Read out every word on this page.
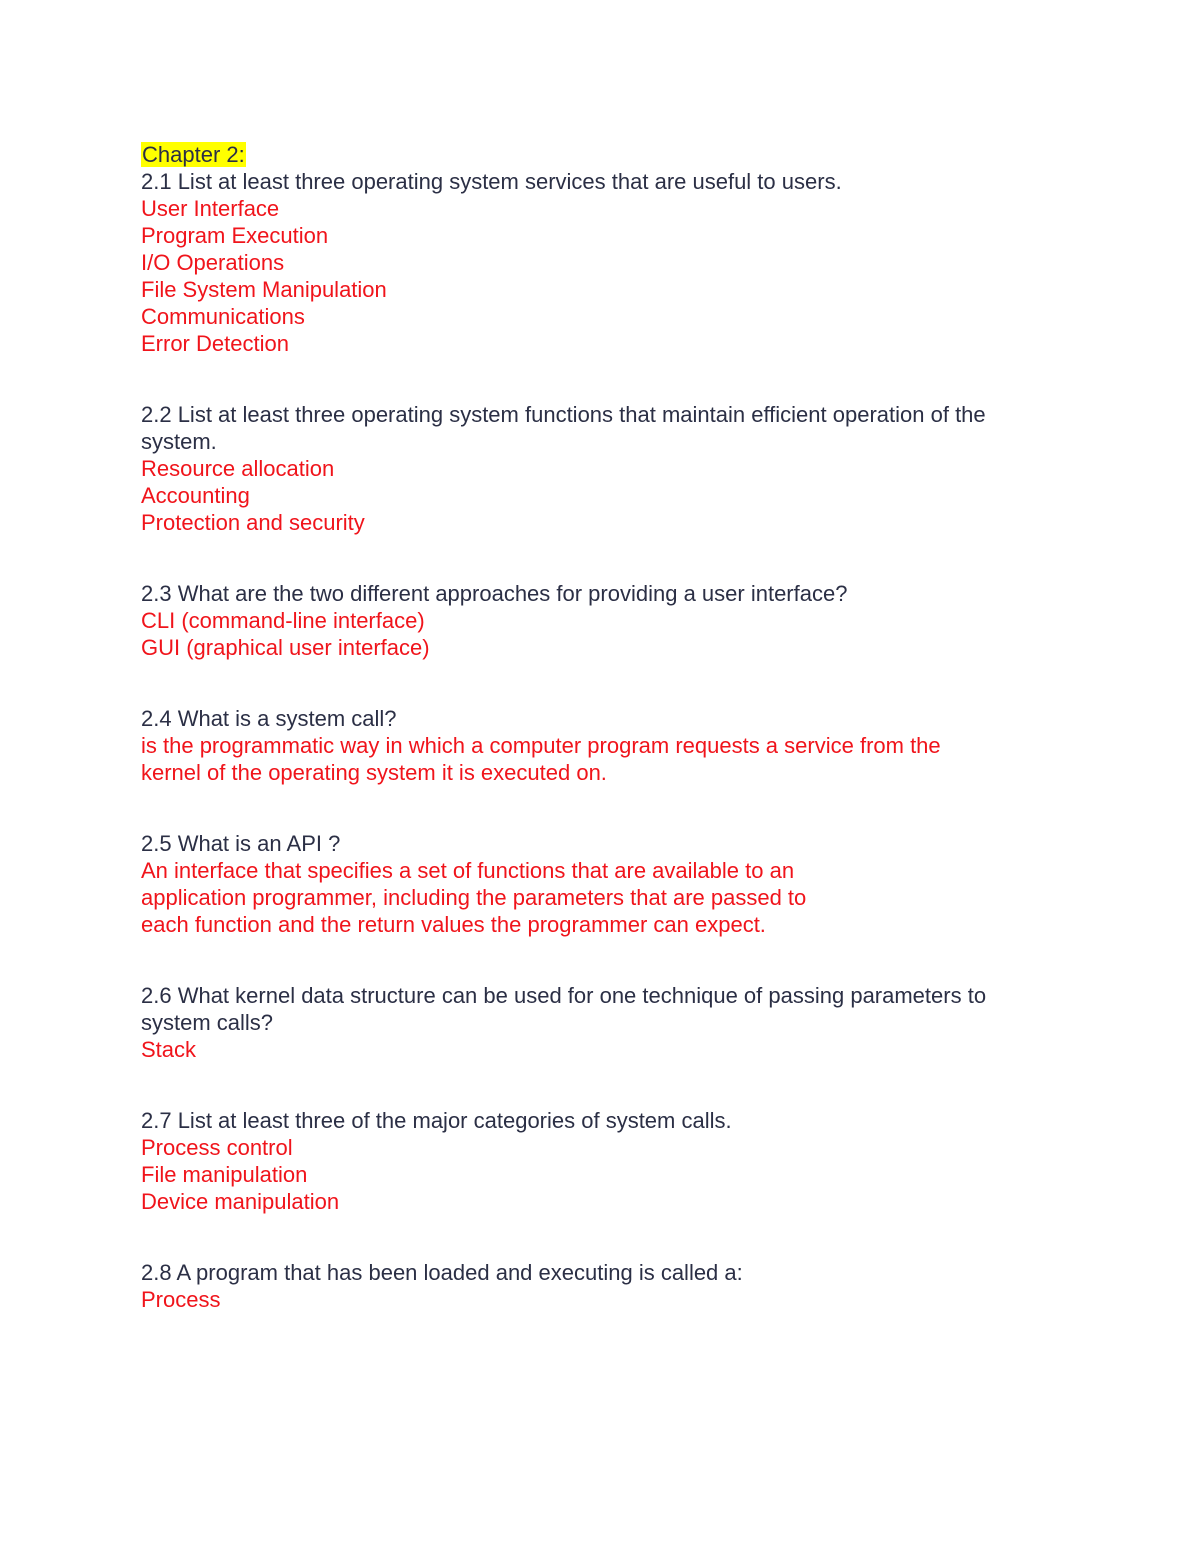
Chapter 2:
2.1 List at least three operating system services that are useful to users.
User Interface
Program Execution
I/O Operations
File System Manipulation
Communications
Error Detection
2.2 List at least three operating system functions that maintain efficient operation of the system.
Resource allocation
Accounting
Protection and security
2.3 What are the two different approaches for providing a user interface?
CLI (command-line interface)
GUI (graphical user interface)
2.4 What is a system call?
is the programmatic way in which a computer program requests a service from the
kernel of the operating system it is executed on.
2.5 What is an API ?
An interface that specifies a set of functions that are available to an
application programmer, including the parameters that are passed to
each function and the return values the programmer can expect.
2.6 What kernel data structure can be used for one technique of passing parameters to system calls?
Stack
2.7 List at least three of the major categories of system calls.
Process control
File manipulation
Device manipulation
2.8 A program that has been loaded and executing is called a:
Process
